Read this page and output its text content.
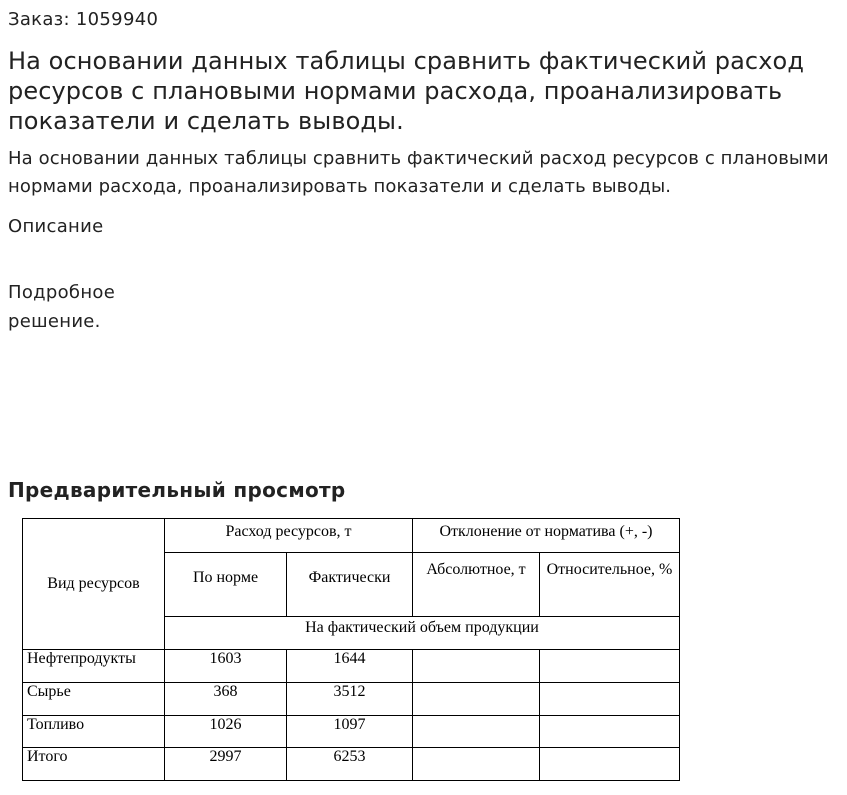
Заказ: 1059940
На основании данных таблицы сравнить фактический расход ресурсов с плановыми нормами расхода, проанализировать показатели и сделать выводы.

На основании данных таблицы сравнить фактический расход ресурсов с плановыми нормами расхода, проанализировать показатели и сделать выводы.

Описание
Подробное решение.
Предварительный просмотр
Вид ресурсов	Расход ресурсов, т		Отклонение от норматива (+, -)	
	По норме	Фактически	Абсолютное, т	Относительное, %
	На фактический объем продукции			
Нефтепродукты	1603	1644		
Сырье	368	3512		
Топливо	1026	1097		
Итого	2997	6253		
